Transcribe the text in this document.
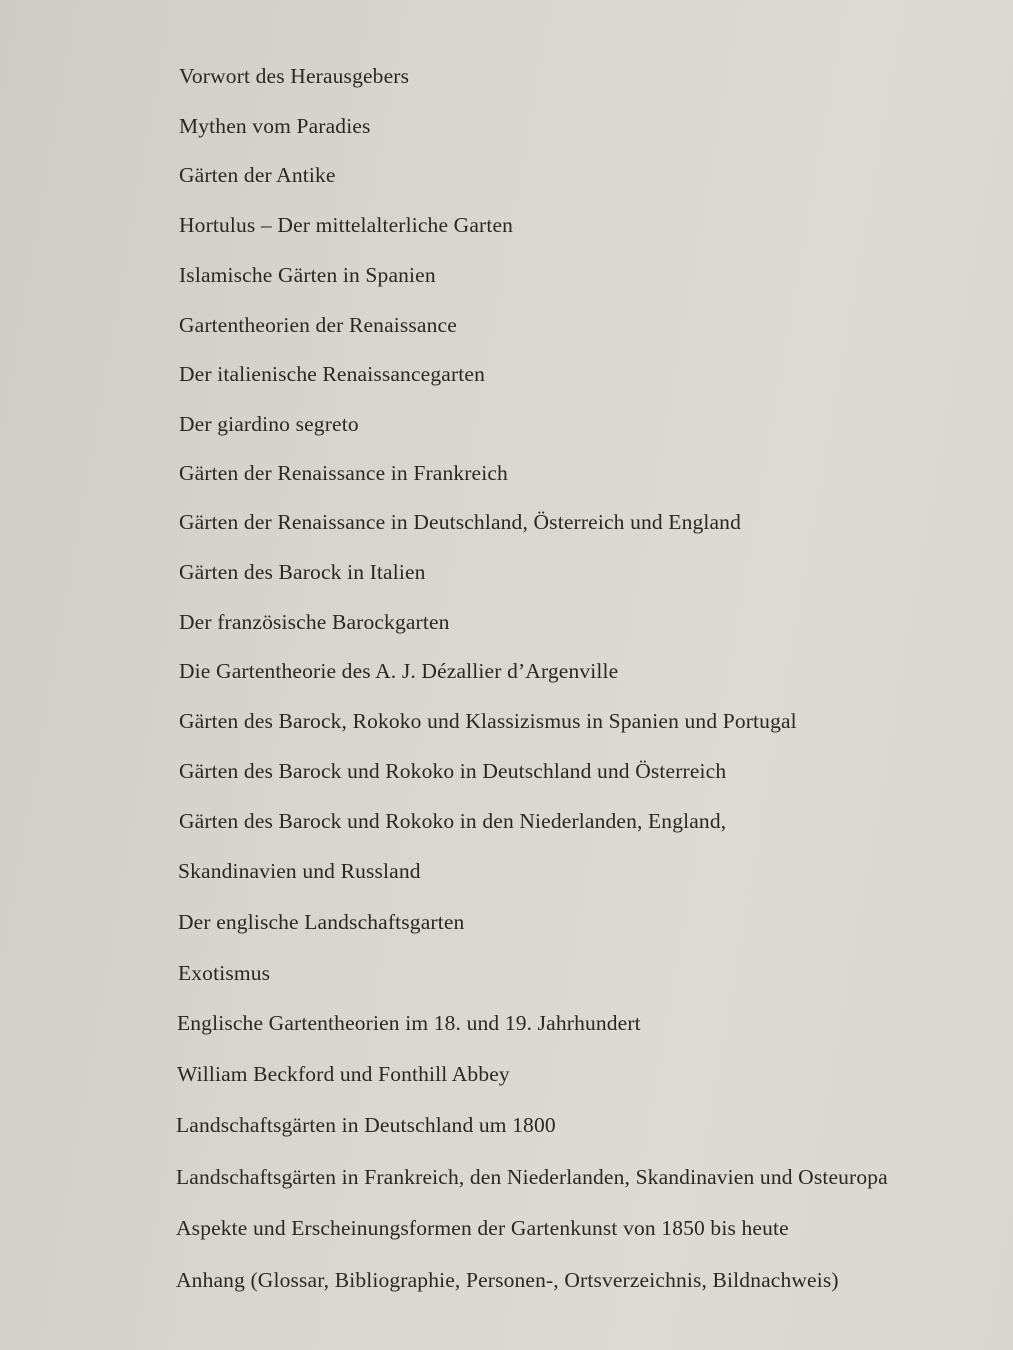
Vorwort des Herausgebers
Mythen vom Paradies
Gärten der Antike
Hortulus – Der mittelalterliche Garten
Islamische Gärten in Spanien
Gartentheorien der Renaissance
Der italienische Renaissancegarten
Der giardino segreto
Gärten der Renaissance in Frankreich
Gärten der Renaissance in Deutschland, Österreich und England
Gärten des Barock in Italien
Der französische Barockgarten
Die Gartentheorie des A. J. Dézallier d’Argenville
Gärten des Barock, Rokoko und Klassizismus in Spanien und Portugal
Gärten des Barock und Rokoko in Deutschland und Österreich
Gärten des Barock und Rokoko in den Niederlanden, England,
Skandinavien und Russland
Der englische Landschaftsgarten
Exotismus
Englische Gartentheorien im 18. und 19. Jahrhundert
William Beckford und Fonthill Abbey
Landschaftsgärten in Deutschland um 1800
Landschaftsgärten in Frankreich, den Niederlanden, Skandinavien und Osteuropa
Aspekte und Erscheinungsformen der Gartenkunst von 1850 bis heute
Anhang (Glossar, Bibliographie, Personen-, Ortsverzeichnis, Bildnachweis)
